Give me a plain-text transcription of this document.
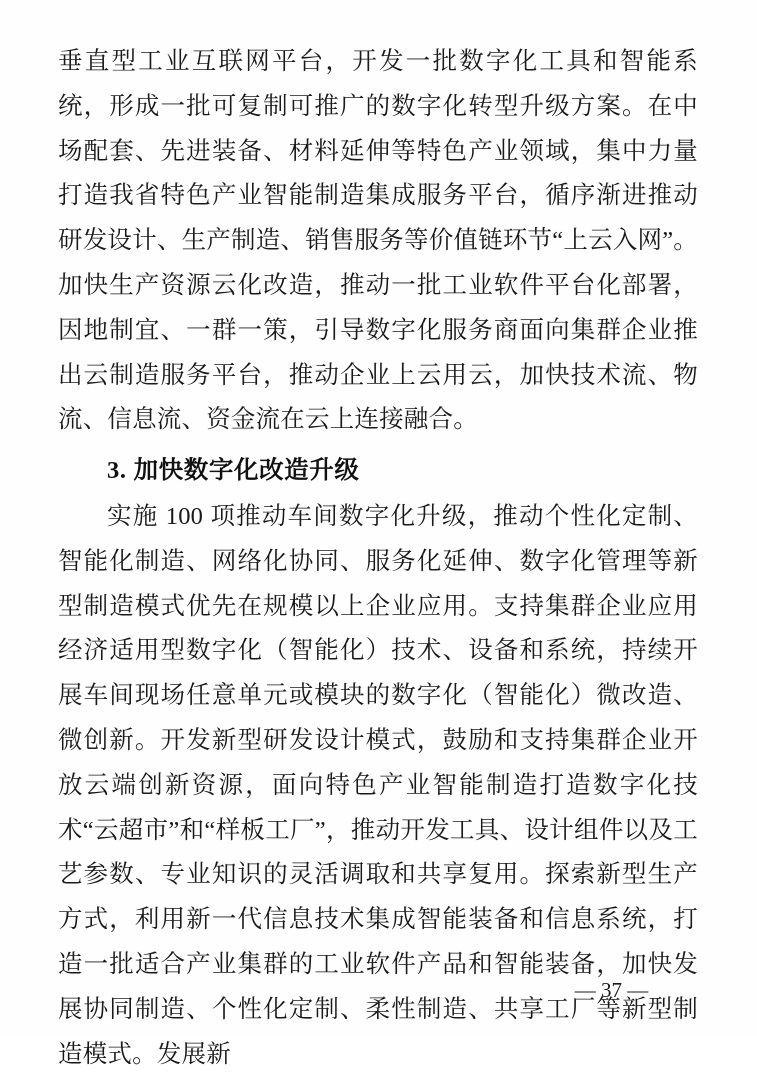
垂直型工业互联网平台，开发一批数字化工具和智能系统，形成一批可复制可推广的数字化转型升级方案。在中场配套、先进装备、材料延伸等特色产业领域，集中力量打造我省特色产业智能制造集成服务平台，循序渐进推动研发设计、生产制造、销售服务等价值链环节“上云入网”。加快生产资源云化改造，推动一批工业软件平台化部署，因地制宜、一群一策，引导数字化服务商面向集群企业推出云制造服务平台，推动企业上云用云，加快技术流、物流、信息流、资金流在云上连接融合。

3. 加快数字化改造升级

实施 100 项推动车间数字化升级，推动个性化定制、智能化制造、网络化协同、服务化延伸、数字化管理等新型制造模式优先在规模以上企业应用。支持集群企业应用经济适用型数字化（智能化）技术、设备和系统，持续开展车间现场任意单元或模块的数字化（智能化）微改造、微创新。开发新型研发设计模式，鼓励和支持集群企业开放云端创新资源，面向特色产业智能制造打造数字化技术“云超市”和“样板工厂”，推动开发工具、设计组件以及工艺参数、专业知识的灵活调取和共享复用。探索新型生产方式，利用新一代信息技术集成智能装备和信息系统，打造一批适合产业集群的工业软件产品和智能装备，加快发展协同制造、个性化定制、柔性制造、共享工厂等新型制造模式。发展新

— 37 —
